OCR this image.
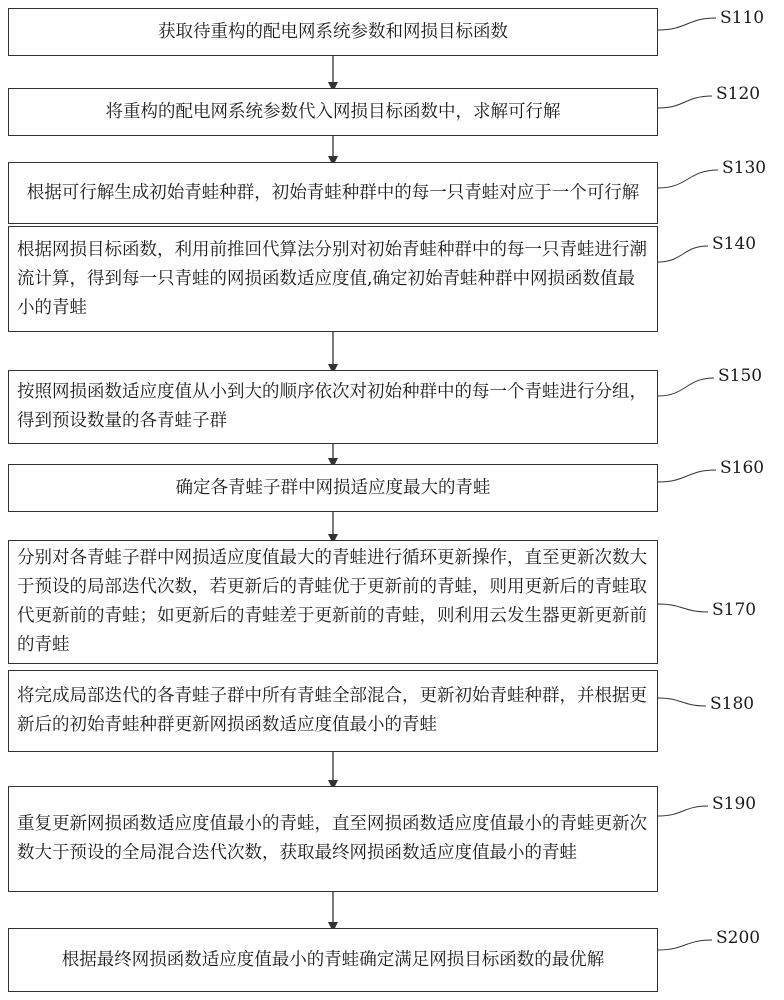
获取待重构的配电网系统参数和网损目标函数
将重构的配电网系统参数代入网损目标函数中，求解可行解
根据可行解生成初始青蛙种群，初始青蛙种群中的每一只青蛙对应于一个可行解
根据网损目标函数，利用前推回代算法分别对初始青蛙种群中的每一只青蛙进行潮流计算，得到每一只青蛙的网损函数适应度值,确定初始青蛙种群中网损函数值最小的青蛙
按照网损函数适应度值从小到大的顺序依次对初始种群中的每一个青蛙进行分组，得到预设数量的各青蛙子群
确定各青蛙子群中网损适应度最大的青蛙
分别对各青蛙子群中网损适应度值最大的青蛙进行循环更新操作，直至更新次数大于预设的局部迭代次数，若更新后的青蛙优于更新前的青蛙，则用更新后的青蛙取代更新前的青蛙；如更新后的青蛙差于更新前的青蛙，则利用云发生器更新更新前的青蛙
将完成局部迭代的各青蛙子群中所有青蛙全部混合，更新初始青蛙种群，并根据更新后的初始青蛙种群更新网损函数适应度值最小的青蛙
重复更新网损函数适应度值最小的青蛙，直至网损函数适应度值最小的青蛙更新次数大于预设的全局混合迭代次数，获取最终网损函数适应度值最小的青蛙
根据最终网损函数适应度值最小的青蛙确定满足网损目标函数的最优解
S110
S120
S130
S140
S150
S160
S170
S180
S190
S200
